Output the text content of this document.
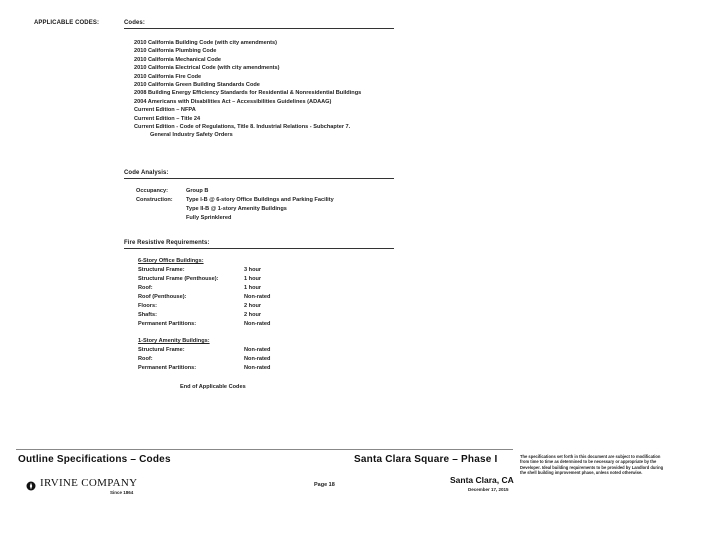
APPLICABLE CODES:	Codes:
2010 California Building Code (with city amendments)
2010 California Plumbing Code
2010 California Mechanical Code
2010 California Electrical Code (with city amendments)
2010 California Fire Code
2010 California Green Building Standards Code
2008 Building Energy Efficiency Standards for Residential & Nonresidential Buildings
2004 Americans with Disabilities Act – Accessibilities Guidelines (ADAAG)
Current Edition – NFPA
Current Edition – Title 24
Current Edition - Code of Regulations, Title 8. Industrial Relations - Subchapter 7.
General Industry Safety Orders
Code Analysis:
Occupancy:	Group B
Construction: Type I-B @ 6-story Office Buildings and Parking Facility
Type II-B @ 1-story Amenity Buildings
Fully Sprinklered
Fire Resistive Requirements:
6-Story Office Buildings:
Structural Frame:	3 hour
Structural Frame (Penthouse):	1 hour
Roof:	1 hour
Roof (Penthouse):	Non-rated
Floors:	2 hour
Shafts:	2 hour
Permanent Partitions:	Non-rated
1-Story Amenity Buildings:
Structural Frame:	Non-rated
Roof:	Non-rated
Permanent Partitions:	Non-rated
End of Applicable Codes
Outline Specifications – Codes	Santa Clara Square – Phase I
IRVINE COMPANY
Since 1864
Page 18	Santa Clara, CA
December 17, 2015
The specifications set forth in this document are subject to modification from time to time as determined to be necessary or appropriate by the Developer. Ideal building requirements to be provided by Landlord during the shell building improvement phase, unless noted otherwise.
